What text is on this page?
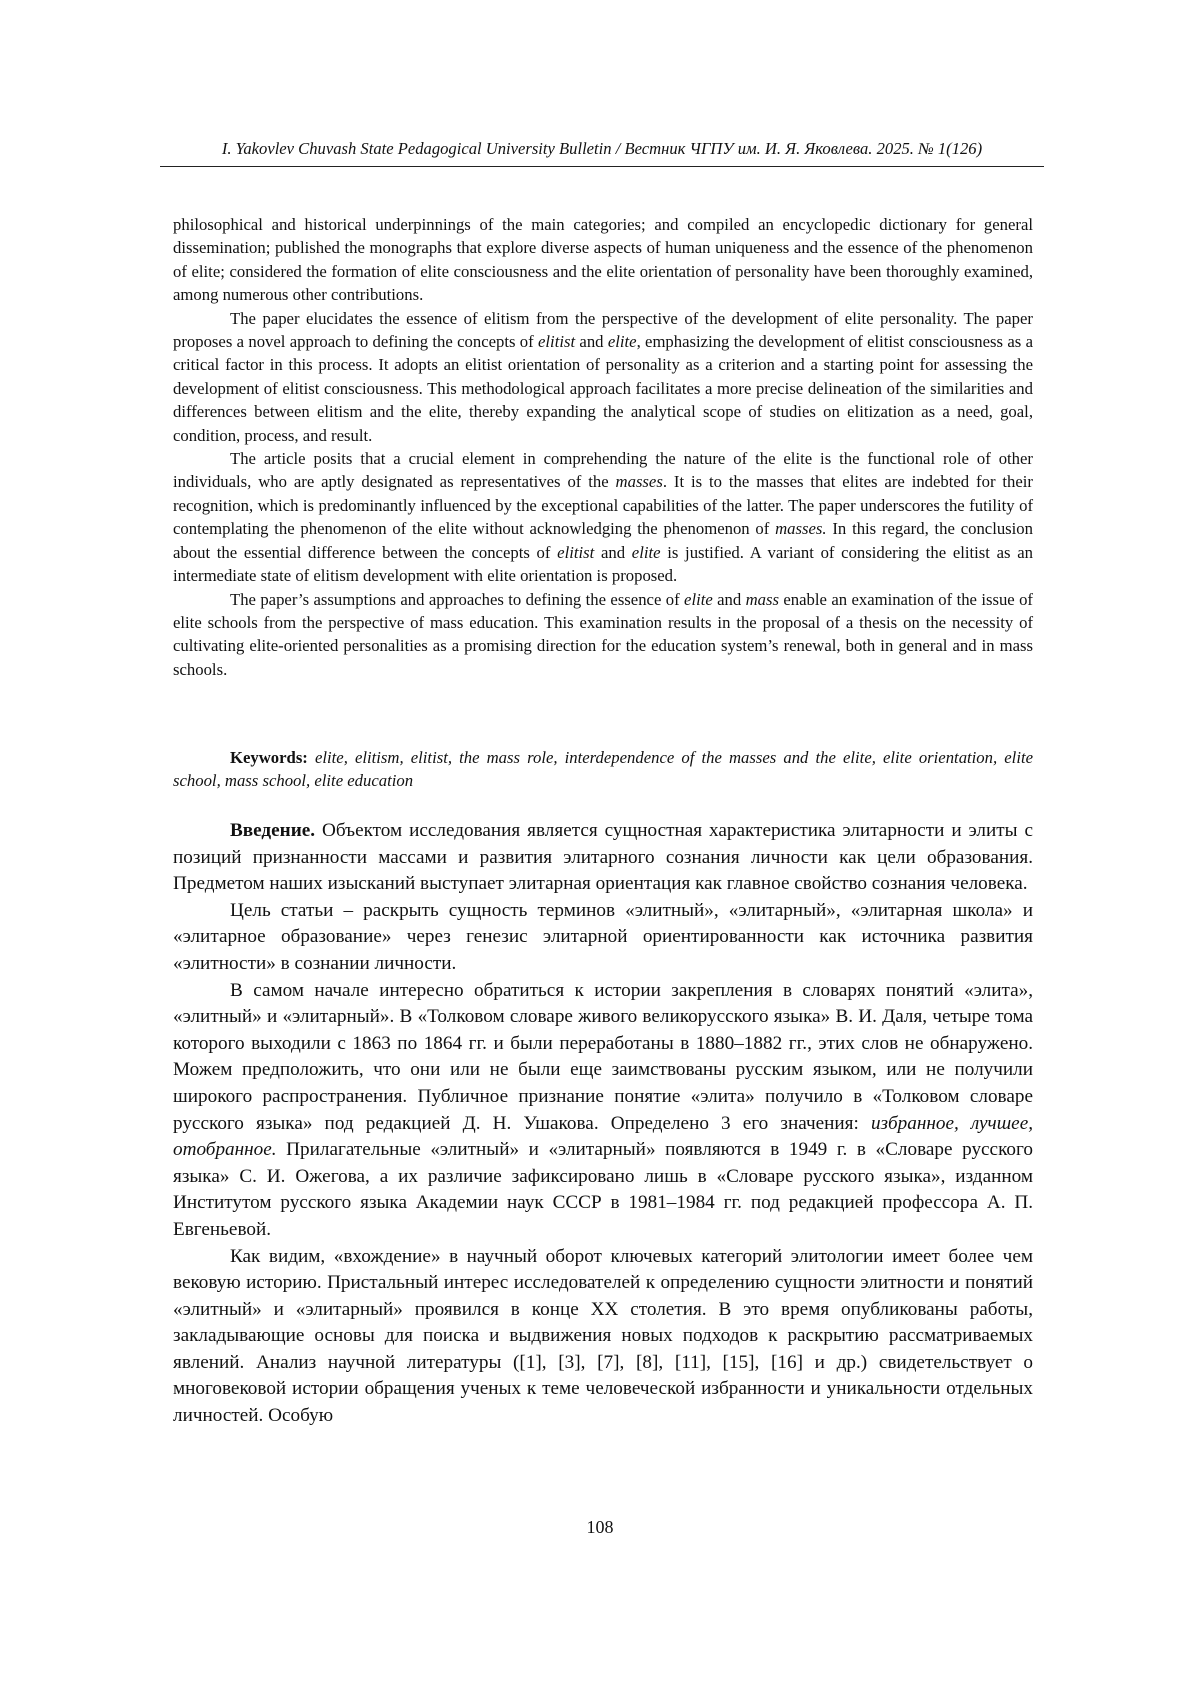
I. Yakovlev Chuvash State Pedagogical University Bulletin / Вестник ЧГПУ им. И. Я. Яковлева. 2025. № 1(126)

philosophical and historical underpinnings of the main categories; and compiled an encyclopedic dictionary for general dissemination; published the monographs that explore diverse aspects of human uniqueness and the essence of the phenomenon of elite; considered the formation of elite consciousness and the elite orientation of personality have been thoroughly examined, among numerous other contributions.

The paper elucidates the essence of elitism from the perspective of the development of elite personality. The paper proposes a novel approach to defining the concepts of elitist and elite, emphasizing the development of elitist consciousness as a critical factor in this process. It adopts an elitist orientation of personality as a criterion and a starting point for assessing the development of elitist consciousness. This methodological approach facilitates a more precise delineation of the similarities and differences between elitism and the elite, thereby expanding the analytical scope of studies on elitization as a need, goal, condition, process, and result.

The article posits that a crucial element in comprehending the nature of the elite is the functional role of other individuals, who are aptly designated as representatives of the masses. It is to the masses that elites are indebted for their recognition, which is predominantly influenced by the exceptional capabilities of the latter. The paper underscores the futility of contemplating the phenomenon of the elite without acknowledging the phenomenon of masses. In this regard, the conclusion about the essential difference between the concepts of elitist and elite is justified. A variant of considering the elitist as an intermediate state of elitism development with elite orientation is proposed.

The paper’s assumptions and approaches to defining the essence of elite and mass enable an examination of the issue of elite schools from the perspective of mass education. This examination results in the proposal of a thesis on the necessity of cultivating elite-oriented personalities as a promising direction for the education system’s renewal, both in general and in mass schools.

Keywords: elite, elitism, elitist, the mass role, interdependence of the masses and the elite, elite orientation, elite school, mass school, elite education

Введение. Объектом исследования является сущностная характеристика элитарности и элиты с позиций признанности массами и развития элитарного сознания личности как цели образования. Предметом наших изысканий выступает элитарная ориентация как главное свойство сознания человека.

Цель статьи – раскрыть сущность терминов «элитный», «элитарный», «элитарная школа» и «элитарное образование» через генезис элитарной ориентированности как источника развития «элитности» в сознании личности.

В самом начале интересно обратиться к истории закрепления в словарях понятий «элита», «элитный» и «элитарный». В «Толковом словаре живого великорусского языка» В. И. Даля, четыре тома которого выходили с 1863 по 1864 гг. и были переработаны в 1880–1882 гг., этих слов не обнаружено. Можем предположить, что они или не были еще заимствованы русским языком, или не получили широкого распространения. Публичное признание понятие «элита» получило в «Толковом словаре русского языка» под редакцией Д. Н. Ушакова. Определено 3 его значения: избранное, лучшее, отобранное. Прилагательные «элитный» и «элитарный» появляются в 1949 г. в «Словаре русского языка» С. И. Ожегова, а их различие зафиксировано лишь в «Словаре русского языка», изданном Институтом русского языка Академии наук СССР в 1981–1984 гг. под редакцией профессора А. П. Евгеньевой.

Как видим, «вхождение» в научный оборот ключевых категорий элитологии имеет более чем вековую историю. Пристальный интерес исследователей к определению сущности элитности и понятий «элитный» и «элитарный» проявился в конце XX столетия. В это время опубликованы работы, закладывающие основы для поиска и выдвижения новых подходов к раскрытию рассматриваемых явлений. Анализ научной литературы ([1], [3], [7], [8], [11], [15], [16] и др.) свидетельствует о многовековой истории обращения ученых к теме человеческой избранности и уникальности отдельных личностей. Особую

108
